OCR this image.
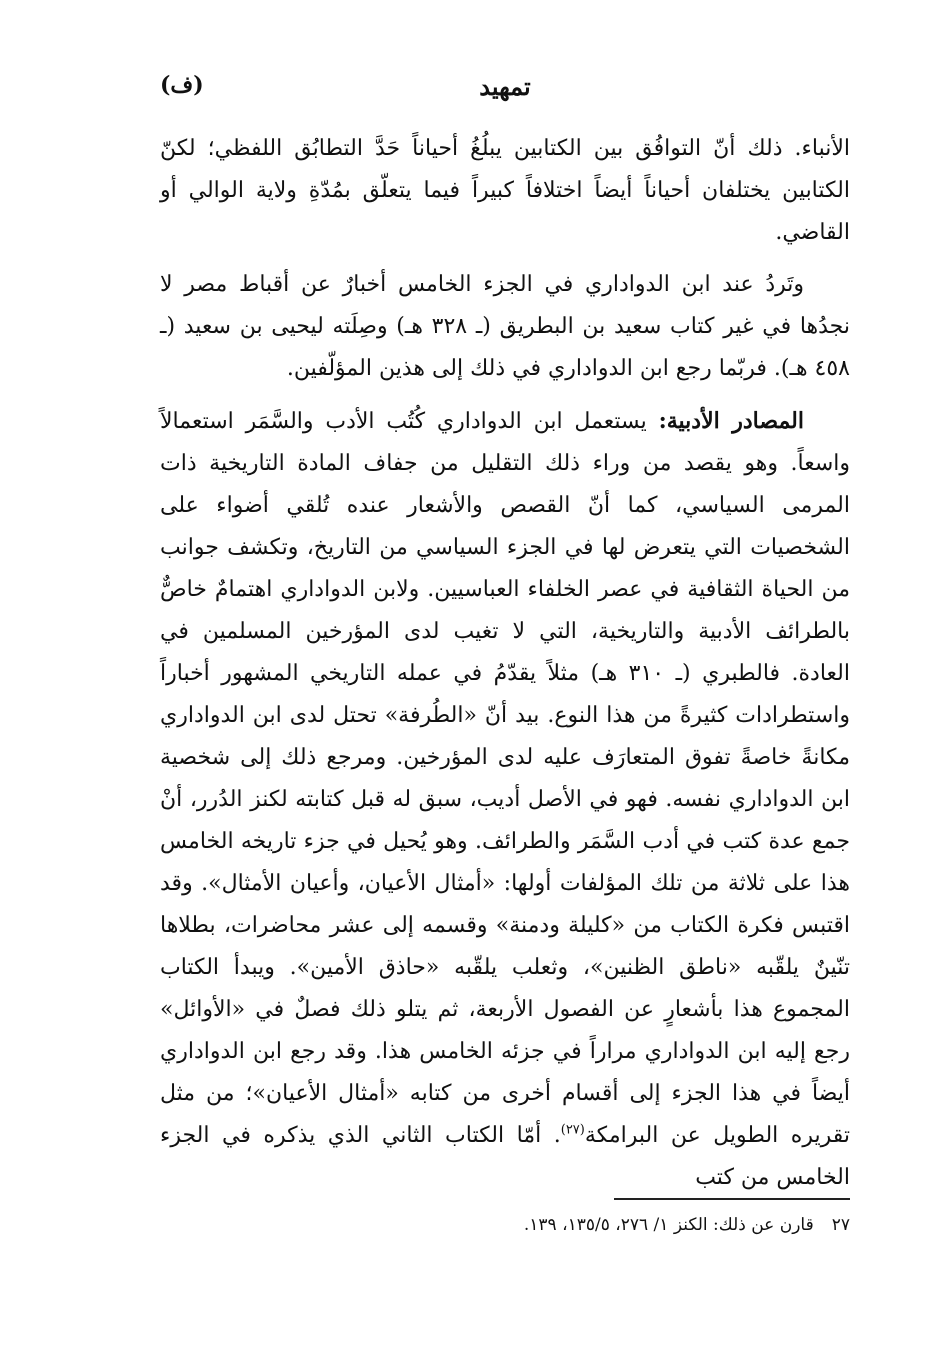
تمهيد
(ف)

الأنباء. ذلك أنّ التوافُق بين الكتابين يبلُغُ أحياناً حَدَّ التطابُق اللفظي؛ لكنّ الكتابين يختلفان أحياناً أيضاً اختلافاً كبيراً فيما يتعلّق بمُدّةِ ولاية الوالي أو القاضي.

وتَردُ عند ابن الدواداري في الجزء الخامس أخبارٌ عن أقباط مصر لا نجدُها في غير كتاب سعيد بن البطريق (ـ ٣٢٨ هـ) وصِلَته ليحيى بن سعيد (ـ ٤٥٨ هـ). فربّما رجع ابن الدواداري في ذلك إلى هذين المؤلّفين.

المصادر الأدبية: يستعمل ابن الدواداري كُتُب الأدب والسَّمَر استعمالاً واسعاً. وهو يقصد من وراء ذلك التقليل من جفاف المادة التاريخية ذات المرمى السياسي، كما أنّ القصص والأشعار عنده تُلقي أضواء على الشخصيات التي يتعرض لها في الجزء السياسي من التاريخ، وتكشف جوانب من الحياة الثقافية في عصر الخلفاء العباسيين. ولابن الدواداري اهتمامٌ خاصٌّ بالطرائف الأدبية والتاريخية، التي لا تغيب لدى المؤرخين المسلمين في العادة. فالطبري (ـ ٣١٠ هـ) مثلاً يقدّمُ في عمله التاريخي المشهور أخباراً واستطرادات كثيرةً من هذا النوع. بيد أنّ «الطُرفة» تحتل لدى ابن الدواداري مكانةً خاصةً تفوق المتعارَف عليه لدى المؤرخين. ومرجع ذلك إلى شخصية ابن الدواداري نفسه. فهو في الأصل أديب، سبق له قبل كتابته لكنز الدُرر، أنْ جمع عدة كتب في أدب السَّمَر والطرائف. وهو يُحيل في جزء تاريخه الخامس هذا على ثلاثة من تلك المؤلفات أولها: «أمثال الأعيان، وأعيان الأمثال». وقد اقتبس فكرة الكتاب من «كليلة ودمنة» وقسمه إلى عشر محاضرات، بطلاها تنّينٌ يلقّبه «ناطق الظنين»، وثعلب يلقّبه «حاذق الأمين». ويبدأ الكتاب المجموع هذا بأشعارٍ عن الفصول الأربعة، ثم يتلو ذلك فصلٌ في «الأوائل» رجع إليه ابن الدواداري مراراً في جزئه الخامس هذا. وقد رجع ابن الدواداري أيضاً في هذا الجزء إلى أقسام أخرى من كتابه «أمثال الأعيان»؛ من مثل تقريره الطويل عن البرامكة$^{(٢٧)}$. أمّا الكتاب الثاني الذي يذكره في الجزء الخامس من كتب

٢٧قارن عن ذلك: الكنز ١/ ٢٧٦، ١٣٥/٥، ١٣٩.
